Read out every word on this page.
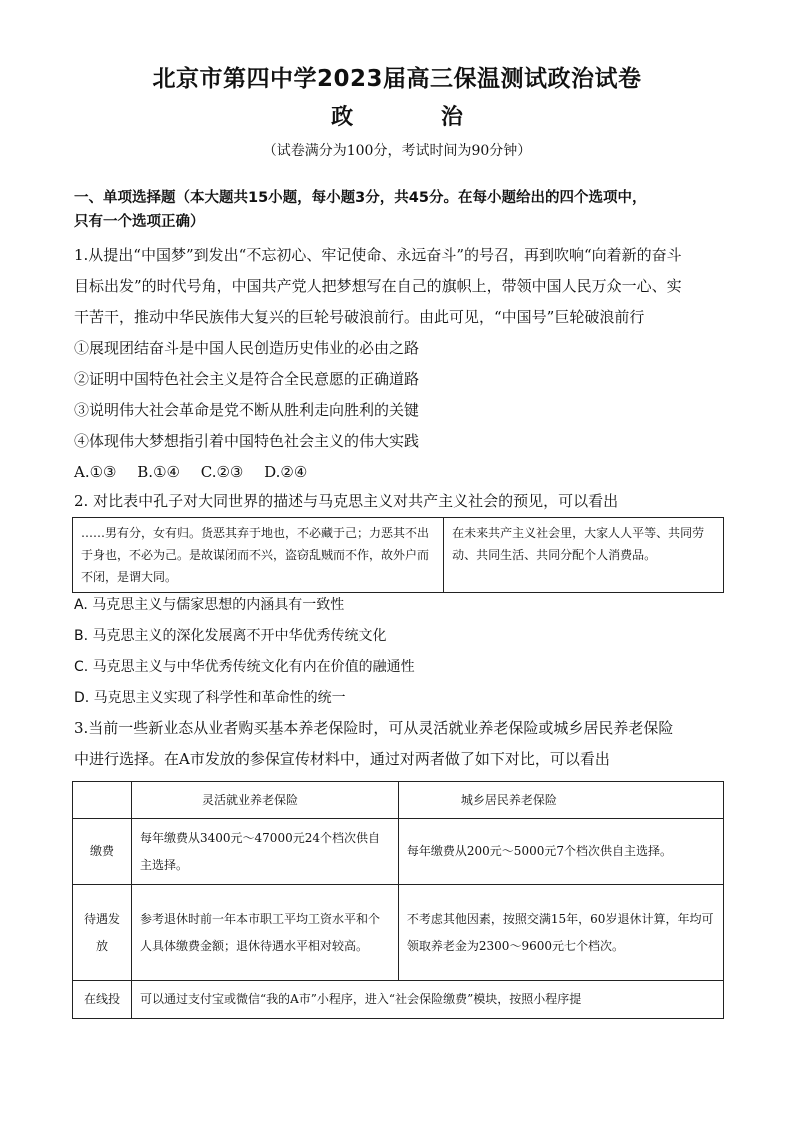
北京市第四中学2023届高三保温测试政治试卷
政 治
（试卷满分为100分，考试时间为90分钟）
一、单项选择题（本大题共15小题，每小题3分，共45分。在每小题给出的四个选项中，
只有一个选项正确）
1.从提出“中国梦”到发出“不忘初心、牢记使命、永远奋斗”的号召，再到吹响“向着新的奋斗
目标出发”的时代号角，中国共产党人把梦想写在自己的旗帜上，带领中国人民万众一心、实
干苦干，推动中华民族伟大复兴的巨轮号破浪前行。由此可见，“中国号”巨轮破浪前行
①展现团结奋斗是中国人民创造历史伟业的必由之路
②证明中国特色社会主义是符合全民意愿的正确道路
③说明伟大社会革命是党不断从胜利走向胜利的关键
④体现伟大梦想指引着中国特色社会主义的伟大实践
A.①③ B.①④ C.②③ D.②④
2. 对比表中孔子对大同世界的描述与马克思主义对共产主义社会的预见，可以看出
……男有分，女有归。货恶其弃于地也，不必藏于己；力恶其不出于身也，不必为己。是故谋闭而不兴，盗窃乱贼而不作，故外户而不闭，是谓大同。	在未来共产主义社会里，大家人人平等、共同劳动、共同生活、共同分配个人消费品。
A. 马克思主义与儒家思想的内涵具有一致性
B. 马克思主义的深化发展离不开中华优秀传统文化
C. 马克思主义与中华优秀传统文化有内在价值的融通性
D. 马克思主义实现了科学性和革命性的统一
3.当前一些新业态从业者购买基本养老保险时，可从灵活就业养老保险或城乡居民养老保险
中进行选择。在A市发放的参保宣传材料中，通过对两者做了如下对比，可以看出
	灵活就业养老保险	城乡居民养老保险
缴费	每年缴费从3400元～47000元24个档次供自主选择。	每年缴费从200元～5000元7个档次供自主选择。
待遇发放	参考退休时前一年本市职工平均工资水平和个人具体缴费金额；退休待遇水平相对较高。	不考虑其他因素，按照交满15年，60岁退休计算，年均可领取养老金为2300～9600元七个档次。
在线投	可以通过支付宝或微信“我的A市”小程序，进入“社会保险缴费”模块，按照小程序提	
